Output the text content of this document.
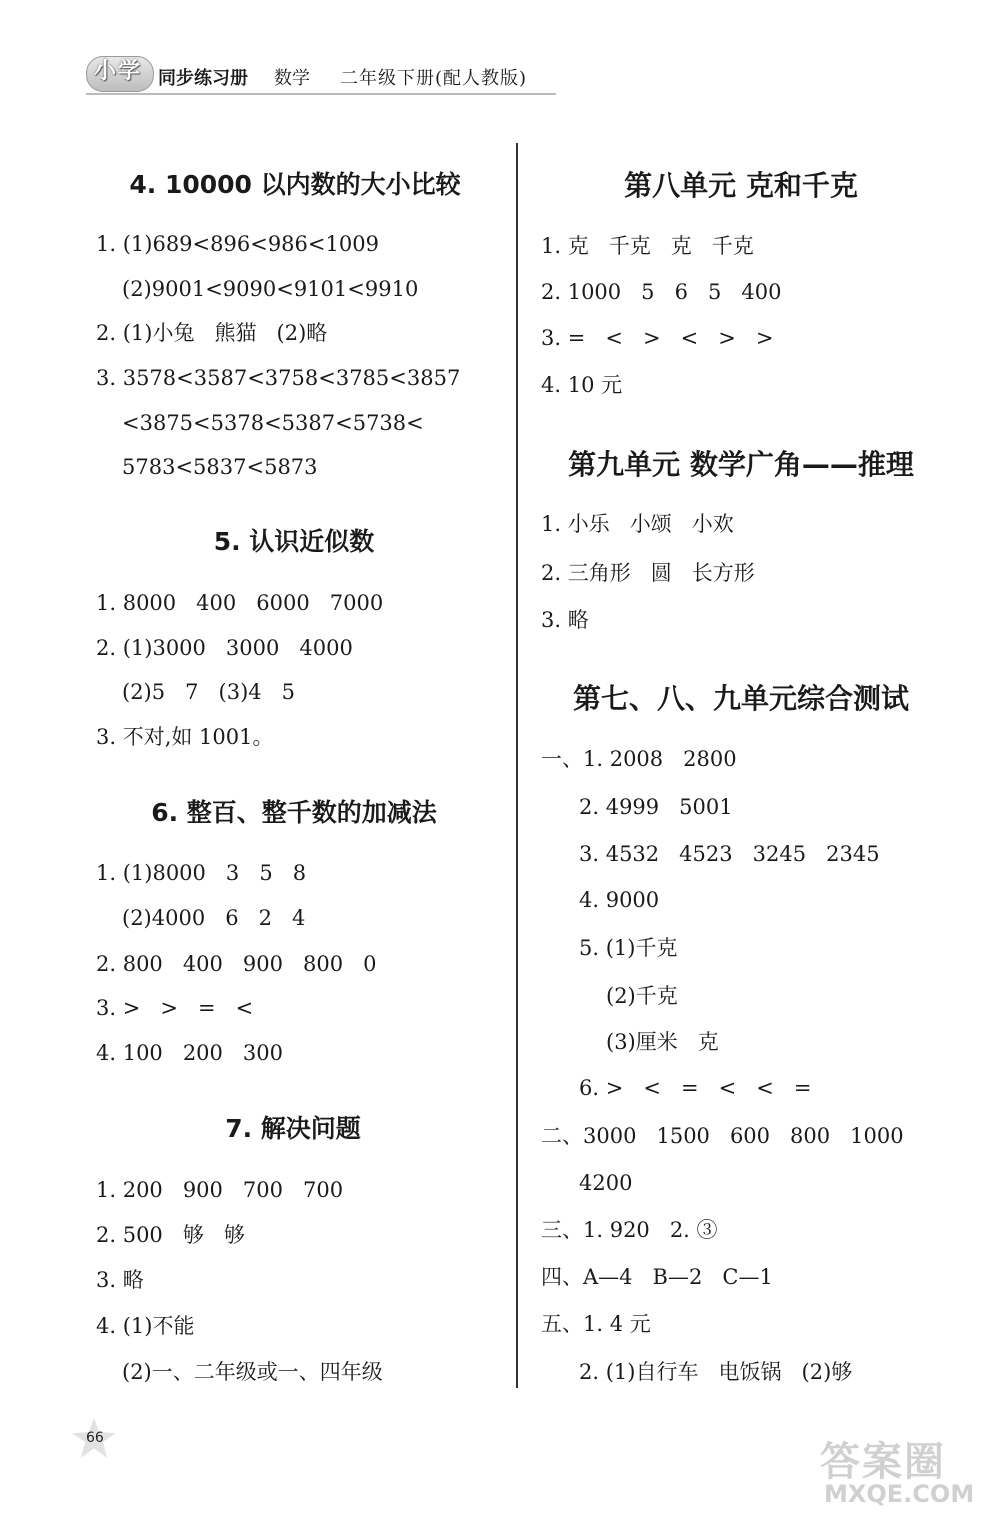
小学 同步练习册 数学 二年级下册(配人教版)
4. 10000 以内数的大小比较
1. (1)689<896<986<1009
(2)9001<9090<9101<9910
2. (1)小兔   熊猫   (2)略
3. 3578<3587<3758<3785<3857
<3875<5378<5387<5738<
5783<5837<5873
5. 认识近似数
1. 8000   400   6000   7000
2. (1)3000   3000   4000
(2)5   7   (3)4   5
3. 不对,如 1001。
6. 整百、整千数的加减法
1. (1)8000   3   5   8
(2)4000   6   2   4
2. 800   400   900   800   0
3. >   >   =   <
4. 100   200   300
7. 解决问题
1. 200   900   700   700
2. 500   够   够
3. 略
4. (1)不能
(2)一、二年级或一、四年级
第八单元 克和千克
1. 克   千克   克   千克
2. 1000   5   6   5   400
3. =   <   >   <   >   >
4. 10 元
第九单元 数学广角——推理
1. 小乐   小颂   小欢
2. 三角形   圆   长方形
3. 略
第七、八、九单元综合测试
一、1. 2008   2800
2. 4999   5001
3. 4532   4523   3245   2345
4. 9000
5. (1)千克
(2)千克
(3)厘米   克
6. >   <   =   <   <   =
二、3000   1500   600   800   1000
4200
三、1. 920   2. ③
四、A—4   B—2   C—1
五、1. 4 元
2. (1)自行车   电饭锅   (2)够
66
答案圈
MXQE.COM
